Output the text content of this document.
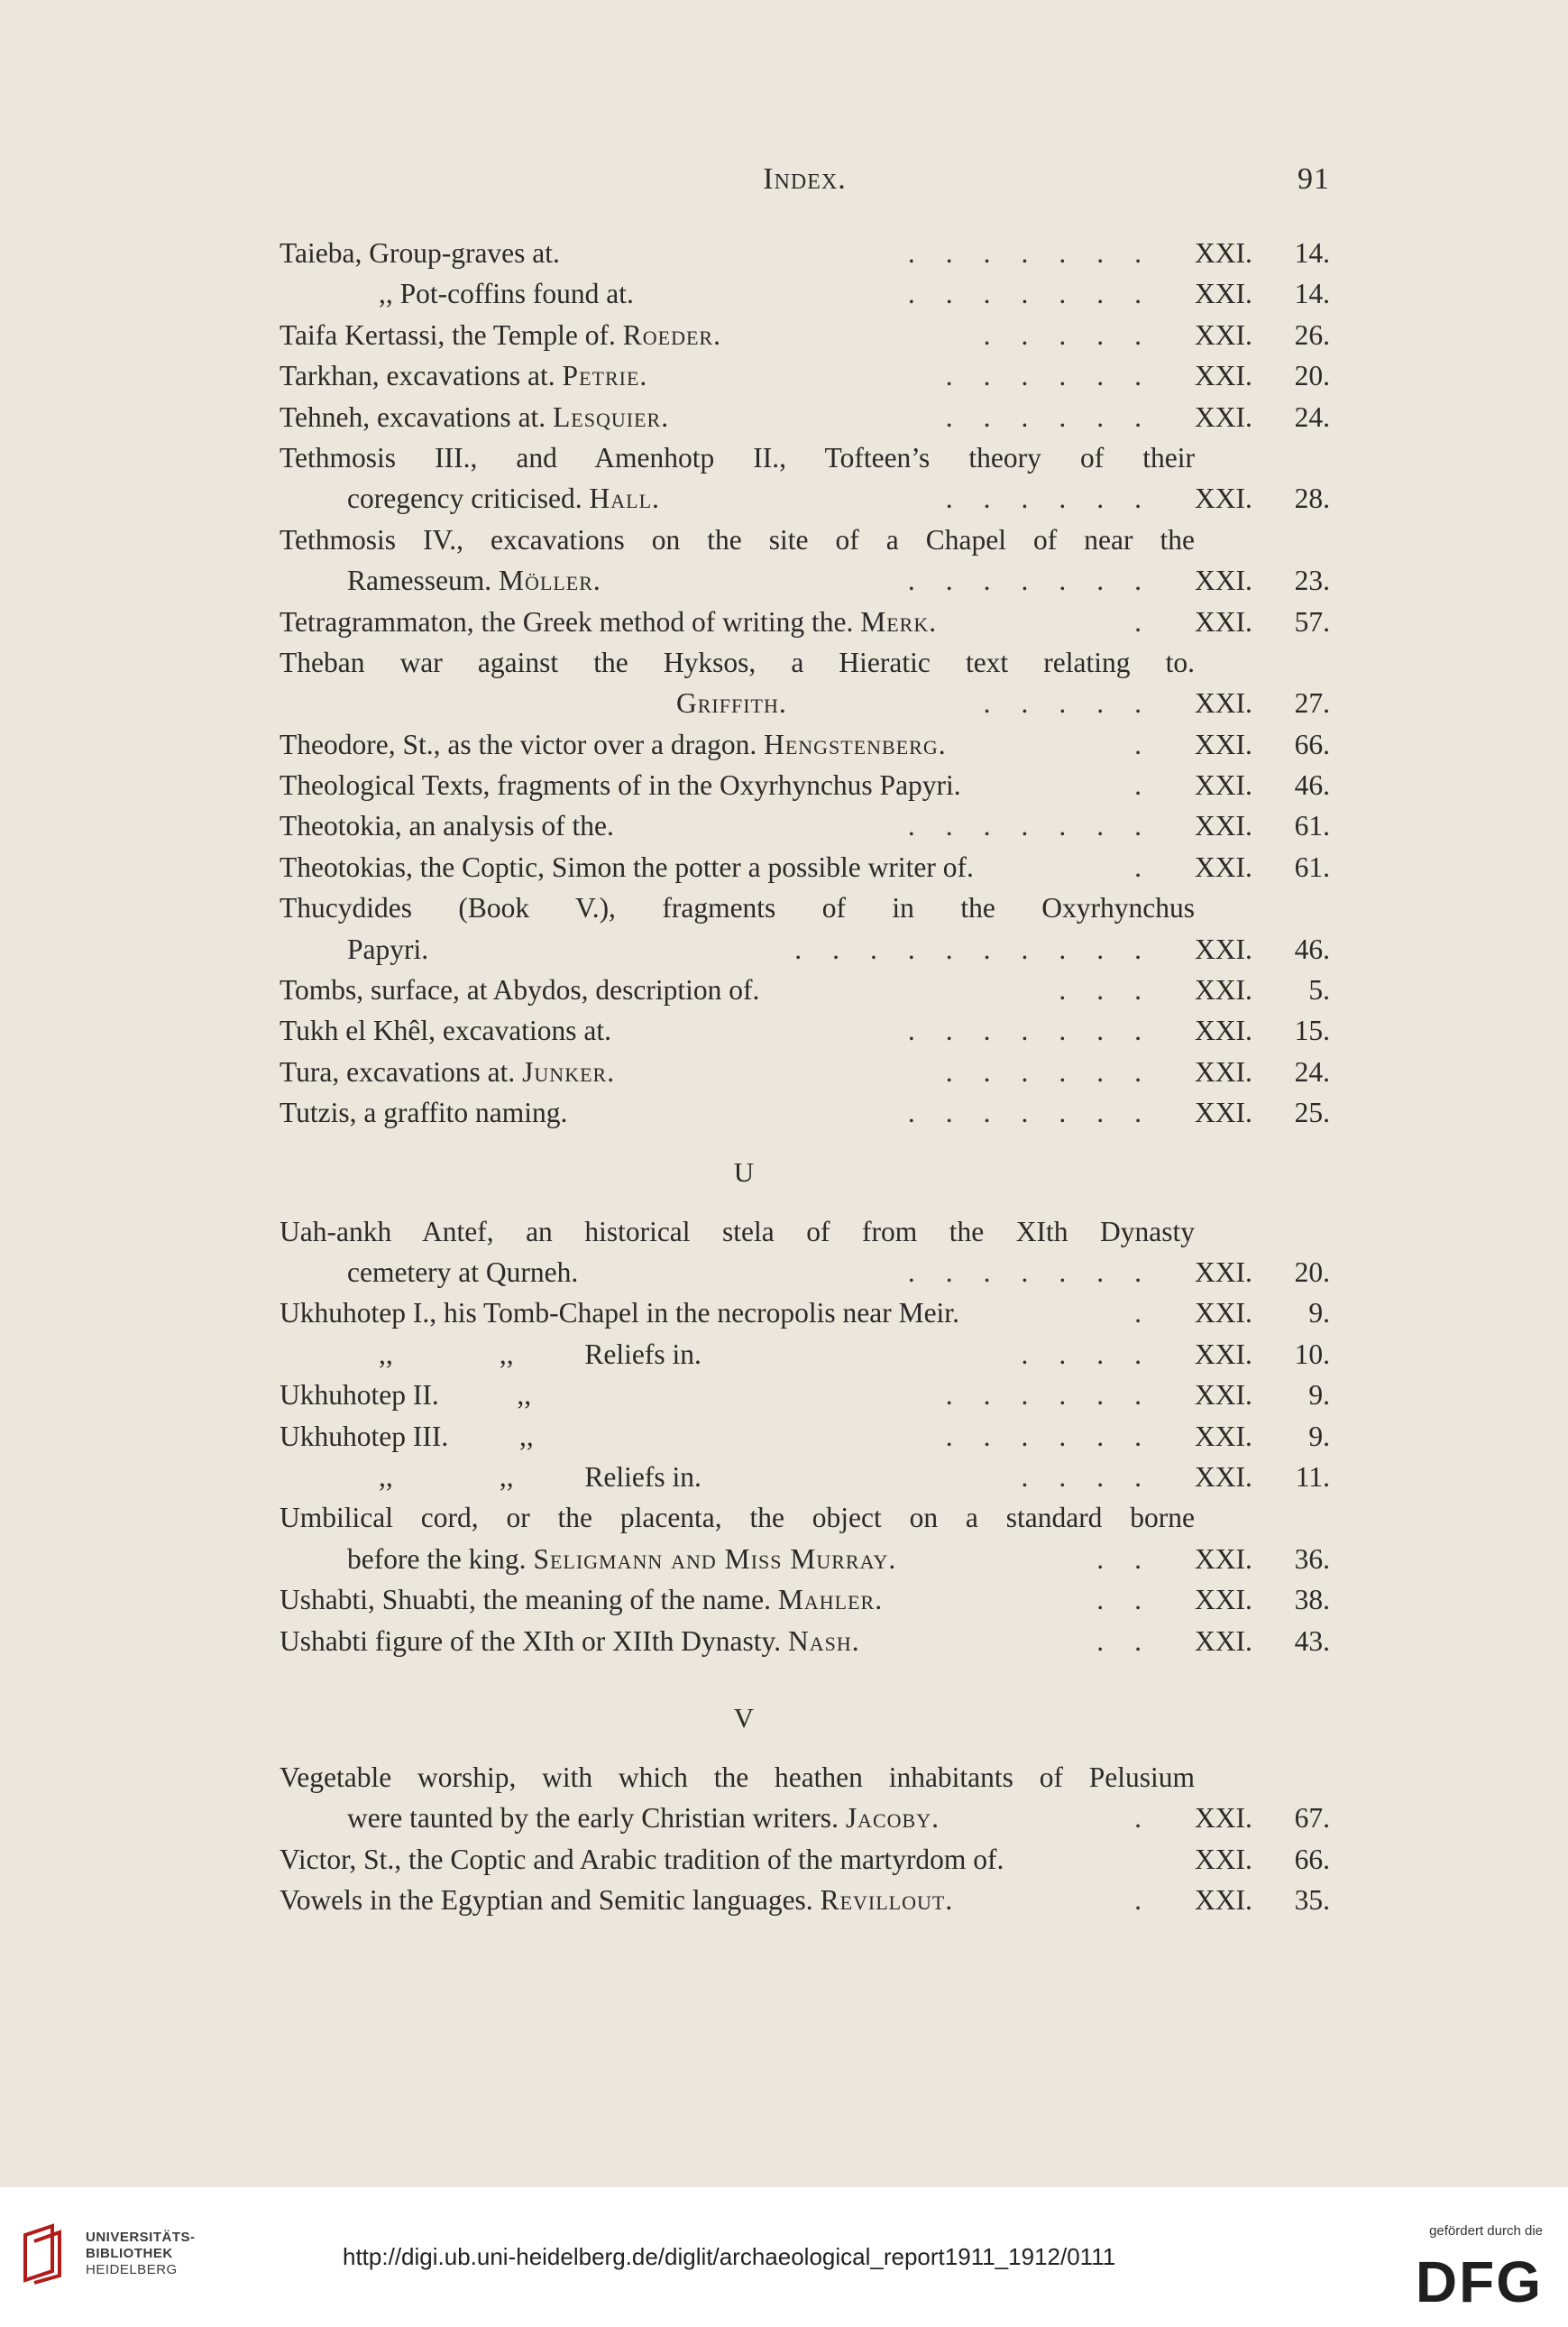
Index.	91
Taieba, Group-graves at.	....... XXI. 14.
,, Pot-coffins found at.	....... XXI. 14.
Taifa Kertassi, the Temple of. Roeder.	..... XXI. 26.
Tarkhan, excavations at. Petrie.	...... XXI. 20.
Tehneh, excavations at. Lesquier.	...... XXI. 24.
Tethmosis III., and Amenhotp II., Tofteen’s theory of their
coregency criticised. Hall.	...... XXI. 28.
Tethmosis IV., excavations on the site of a Chapel of near the
Ramesseum. Möller.	....... XXI. 23.
Tetragrammaton, the Greek method of writing the. Merk.	. XXI. 57.
Theban war against the Hyksos, a Hieratic text relating to.
Griffith.	..... XXI. 27.
Theodore, St., as the victor over a dragon. Hengstenberg.	. XXI. 66.
Theological Texts, fragments of in the Oxyrhynchus Papyri.	. XXI. 46.
Theotokia, an analysis of the.	....... XXI. 61.
Theotokias, the Coptic, Simon the potter a possible writer of.	. XXI. 61.
Thucydides (Book V.), fragments of in the Oxyrhynchus
Papyri.	.......... XXI. 46.
Tombs, surface, at Abydos, description of.	... XXI. 5.
Tukh el Khêl, excavations at.	....... XXI. 15.
Tura, excavations at. Junker.	...... XXI. 24.
Tutzis, a graffito naming.	....... XXI. 25.
U
Uah-ankh Antef, an historical stela of from the XIth Dynasty
cemetery at Qurneh.	....... XXI. 20.
Ukhuhotep I., his Tomb-Chapel in the necropolis near Meir.	. XXI. 9.
,,               ,,          Reliefs in.	.... XXI. 10.
Ukhuhotep II.           ,,	...... XXI. 9.
Ukhuhotep III.          ,,	...... XXI. 9.
,,               ,,          Reliefs in.	.... XXI. 11.
Umbilical cord, or the placenta, the object on a standard borne
before the king. Seligmann and Miss Murray.	.. XXI. 36.
Ushabti, Shuabti, the meaning of the name. Mahler.	.. XXI. 38.
Ushabti figure of the XIth or XIIth Dynasty. Nash.	.. XXI. 43.
V
Vegetable worship, with which the heathen inhabitants of Pelusium
were taunted by the early Christian writers. Jacoby.	. XXI. 67.
Victor, St., the Coptic and Arabic tradition of the martyrdom of.	XXI. 66.
Vowels in the Egyptian and Semitic languages. Revillout.	. XXI. 35.
UNIVERSITÄTS-
BIBLIOTHEK
HEIDELBERG	http://digi.ub.uni-heidelberg.de/diglit/archaeological_report1911_1912/0111
gefördert durch die
DFG
